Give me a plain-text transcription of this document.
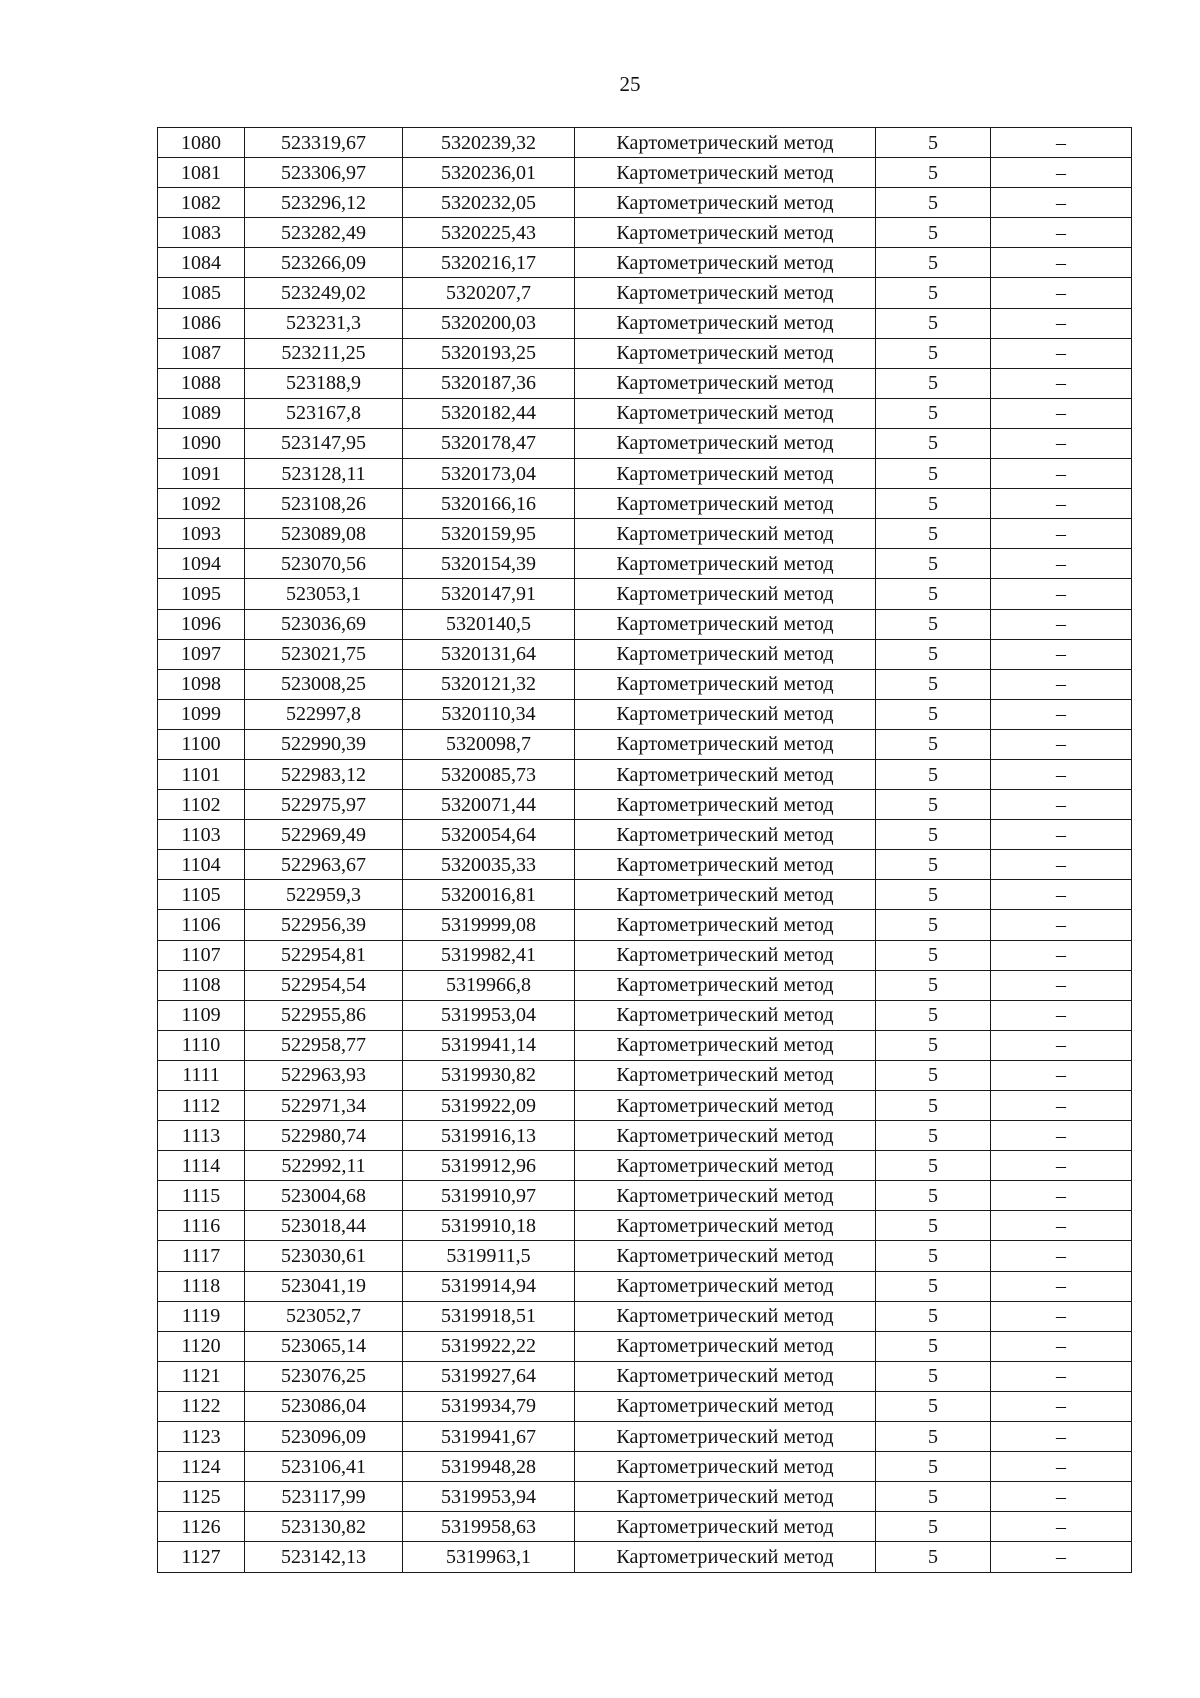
25
1080	523319,67	5320239,32	Картометрический метод	5	–
1081	523306,97	5320236,01	Картометрический метод	5	–
1082	523296,12	5320232,05	Картометрический метод	5	–
1083	523282,49	5320225,43	Картометрический метод	5	–
1084	523266,09	5320216,17	Картометрический метод	5	–
1085	523249,02	5320207,7	Картометрический метод	5	–
1086	523231,3	5320200,03	Картометрический метод	5	–
1087	523211,25	5320193,25	Картометрический метод	5	–
1088	523188,9	5320187,36	Картометрический метод	5	–
1089	523167,8	5320182,44	Картометрический метод	5	–
1090	523147,95	5320178,47	Картометрический метод	5	–
1091	523128,11	5320173,04	Картометрический метод	5	–
1092	523108,26	5320166,16	Картометрический метод	5	–
1093	523089,08	5320159,95	Картометрический метод	5	–
1094	523070,56	5320154,39	Картометрический метод	5	–
1095	523053,1	5320147,91	Картометрический метод	5	–
1096	523036,69	5320140,5	Картометрический метод	5	–
1097	523021,75	5320131,64	Картометрический метод	5	–
1098	523008,25	5320121,32	Картометрический метод	5	–
1099	522997,8	5320110,34	Картометрический метод	5	–
1100	522990,39	5320098,7	Картометрический метод	5	–
1101	522983,12	5320085,73	Картометрический метод	5	–
1102	522975,97	5320071,44	Картометрический метод	5	–
1103	522969,49	5320054,64	Картометрический метод	5	–
1104	522963,67	5320035,33	Картометрический метод	5	–
1105	522959,3	5320016,81	Картометрический метод	5	–
1106	522956,39	5319999,08	Картометрический метод	5	–
1107	522954,81	5319982,41	Картометрический метод	5	–
1108	522954,54	5319966,8	Картометрический метод	5	–
1109	522955,86	5319953,04	Картометрический метод	5	–
1110	522958,77	5319941,14	Картометрический метод	5	–
1111	522963,93	5319930,82	Картометрический метод	5	–
1112	522971,34	5319922,09	Картометрический метод	5	–
1113	522980,74	5319916,13	Картометрический метод	5	–
1114	522992,11	5319912,96	Картометрический метод	5	–
1115	523004,68	5319910,97	Картометрический метод	5	–
1116	523018,44	5319910,18	Картометрический метод	5	–
1117	523030,61	5319911,5	Картометрический метод	5	–
1118	523041,19	5319914,94	Картометрический метод	5	–
1119	523052,7	5319918,51	Картометрический метод	5	–
1120	523065,14	5319922,22	Картометрический метод	5	–
1121	523076,25	5319927,64	Картометрический метод	5	–
1122	523086,04	5319934,79	Картометрический метод	5	–
1123	523096,09	5319941,67	Картометрический метод	5	–
1124	523106,41	5319948,28	Картометрический метод	5	–
1125	523117,99	5319953,94	Картометрический метод	5	–
1126	523130,82	5319958,63	Картометрический метод	5	–
1127	523142,13	5319963,1	Картометрический метод	5	–
